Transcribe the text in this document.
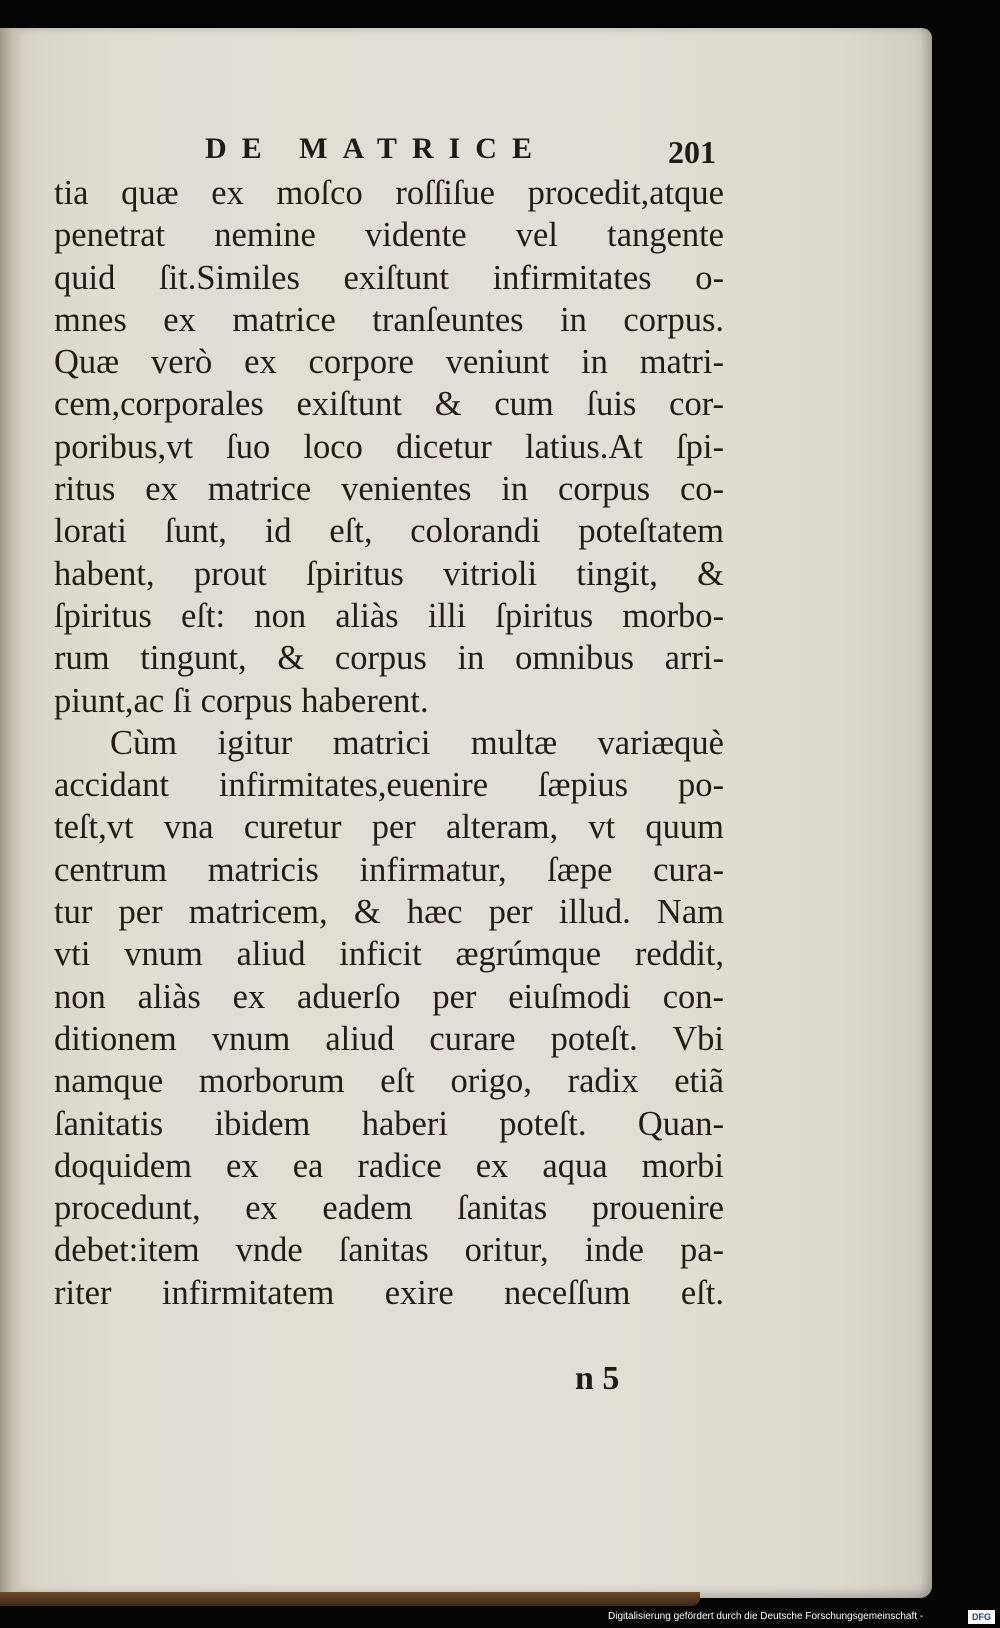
DE MATRICE	201
tia quæ ex moſco roſſiſue procedit,atque
penetrat nemine vidente vel tangente
quid ſit.Similes exiſtunt infirmitates o-
mnes ex matrice tranſeuntes in corpus.
Quæ verò ex corpore veniunt in matri-
cem,corporales exiſtunt & cum ſuis cor-
poribus,vt ſuo loco dicetur latius.At ſpi-
ritus ex matrice venientes in corpus co-
lorati ſunt, id eſt, colorandi poteſtatem
habent, prout ſpiritus vitrioli tingit, &
ſpiritus eſt: non aliàs illi ſpiritus morbo-
rum tingunt, & corpus in omnibus arri-
piunt,ac ſi corpus haberent.
Cùm igitur matrici multæ variæquè
accidant infirmitates,euenire ſæpius po-
teſt,vt vna curetur per alteram, vt quum
centrum matricis infirmatur, ſæpe cura-
tur per matricem, & hæc per illud. Nam
vti vnum aliud inficit ægrúmque reddit,
non aliàs ex aduerſo per eiuſmodi con-
ditionem vnum aliud curare poteſt. Vbi
namque morborum eſt origo, radix etiã
ſanitatis ibidem haberi poteſt. Quan-
doquidem ex ea radice ex aqua morbi
procedunt, ex eadem ſanitas prouenire
debet:item vnde ſanitas oritur, inde pa-
riter infirmitatem exire neceſſum eſt.
n 5
Digitalisierung gefördert durch die Deutsche Forschungsgemeinschaft -	DFG
